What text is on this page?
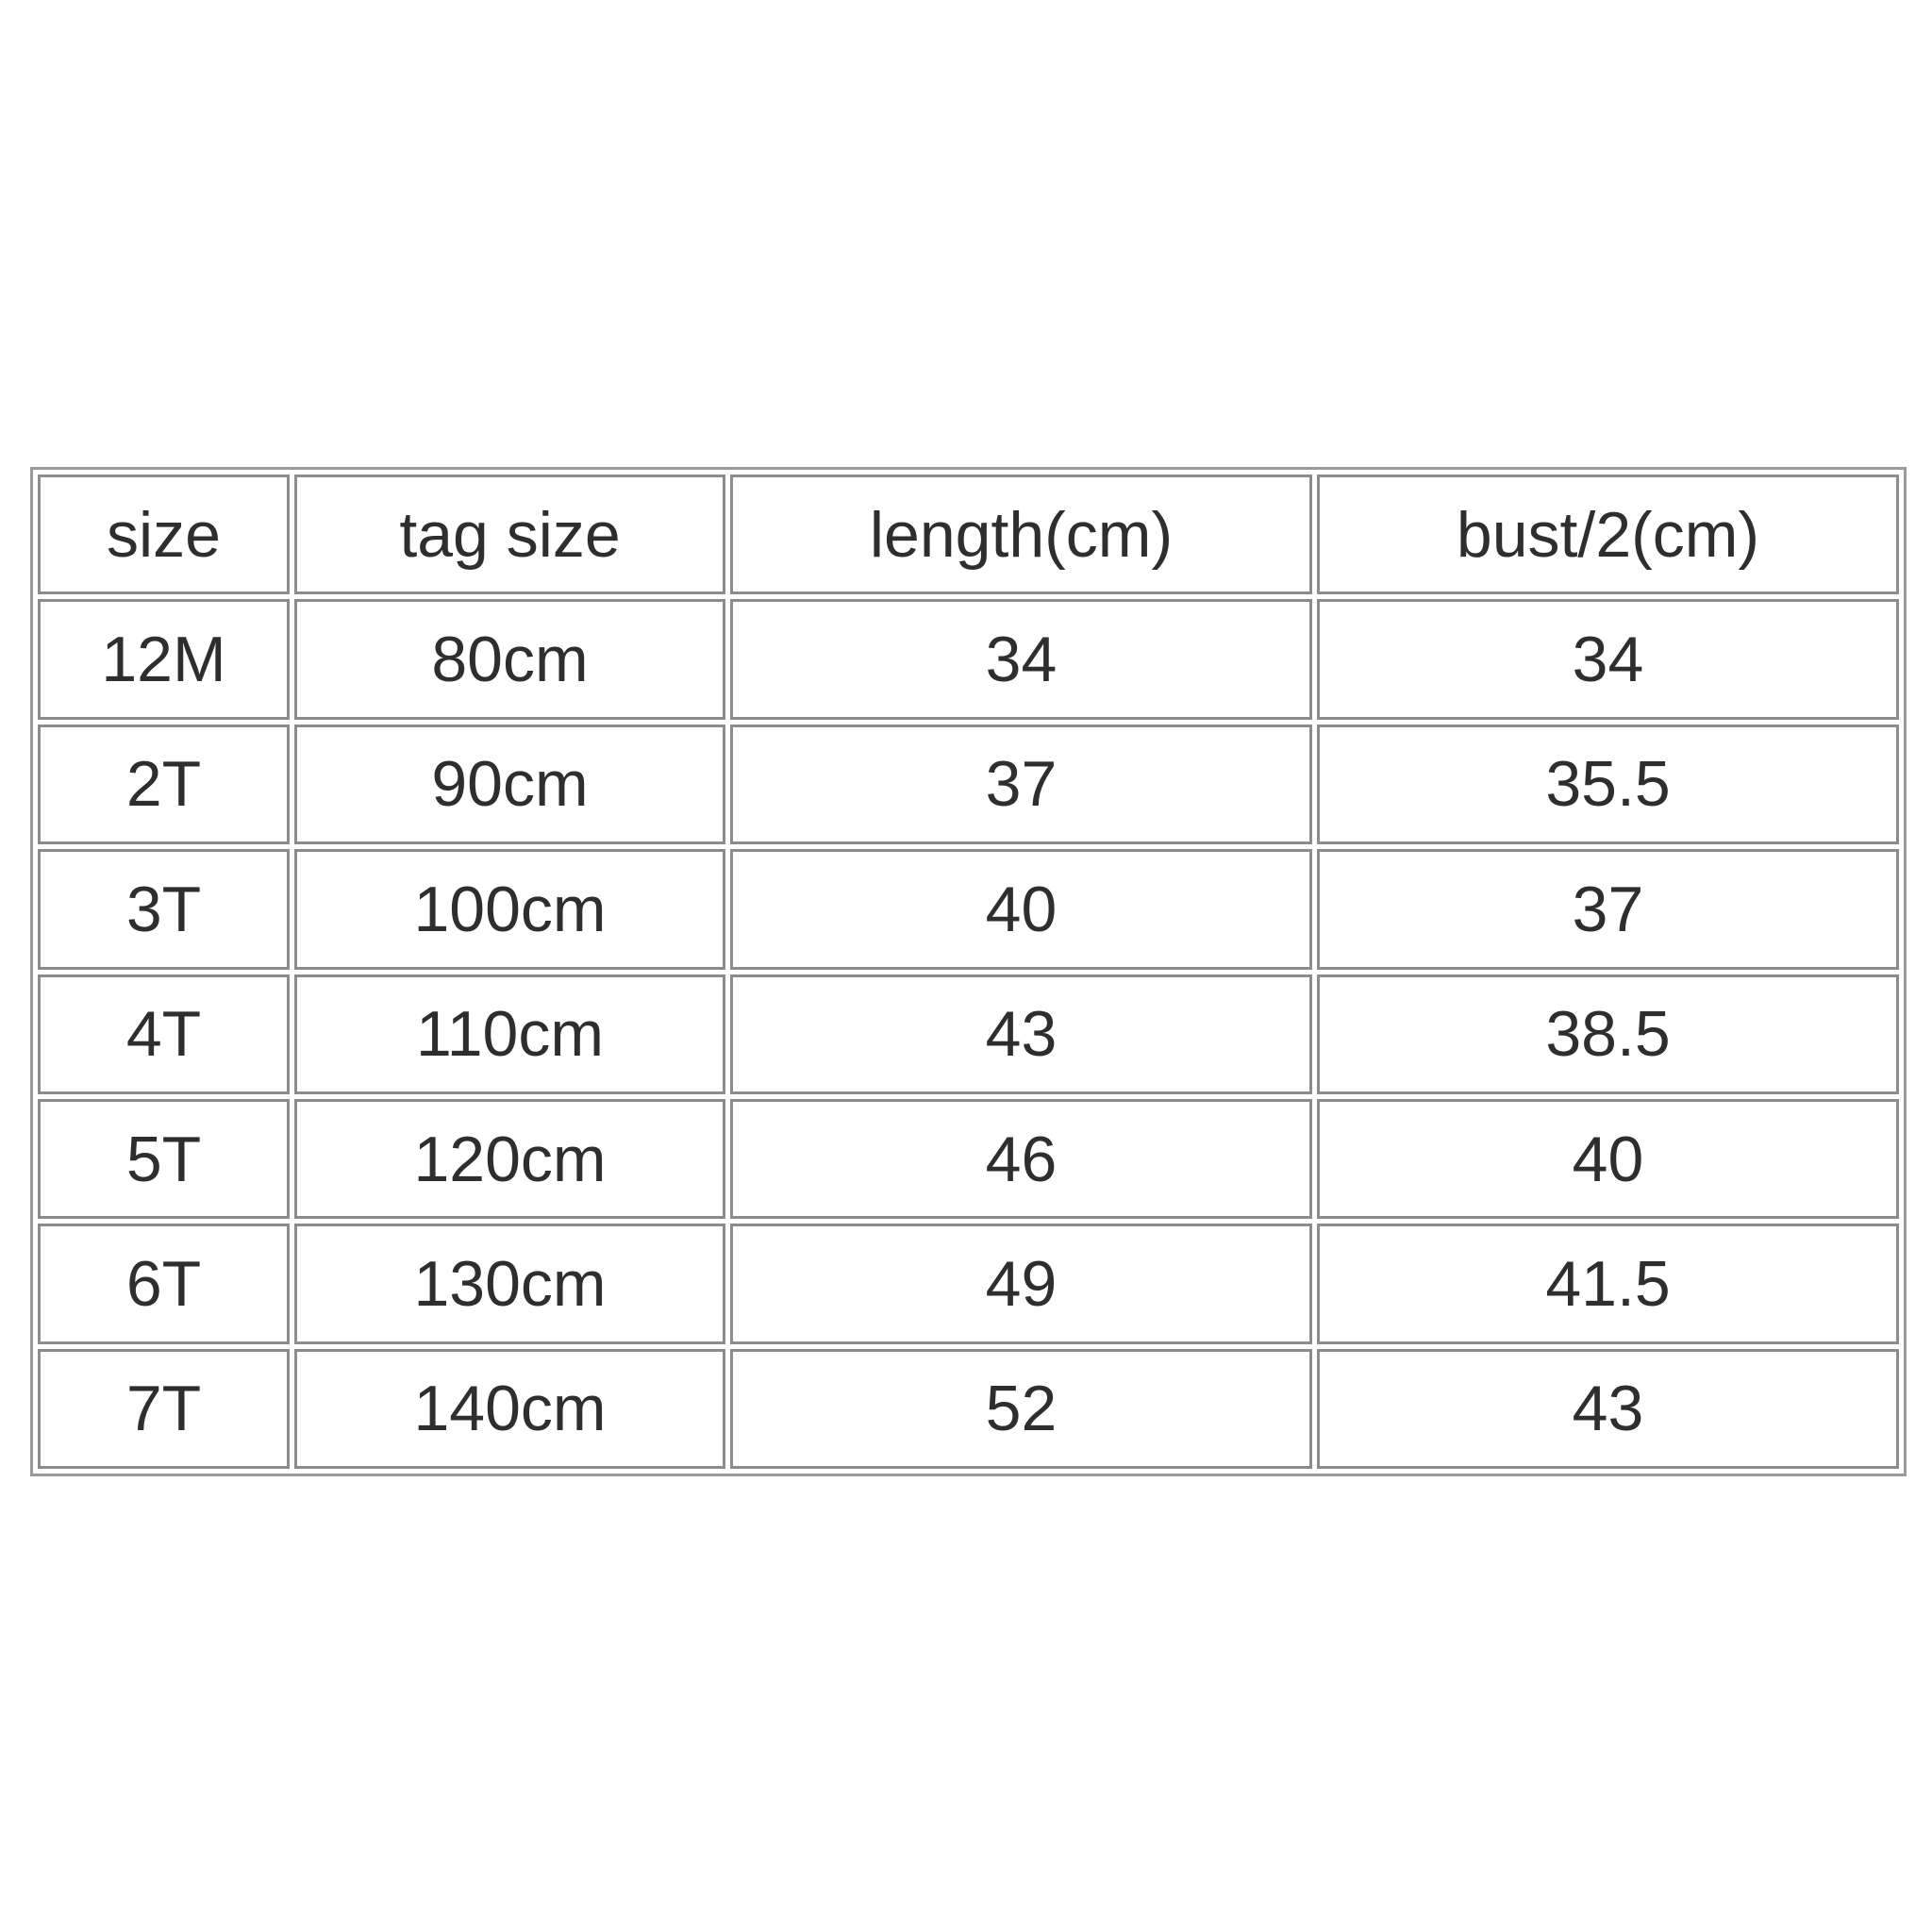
size	tag size	length(cm)	bust/2(cm)
12M	80cm	34	34
2T	90cm	37	35.5
3T	100cm	40	37
4T	110cm	43	38.5
5T	120cm	46	40
6T	130cm	49	41.5
7T	140cm	52	43
